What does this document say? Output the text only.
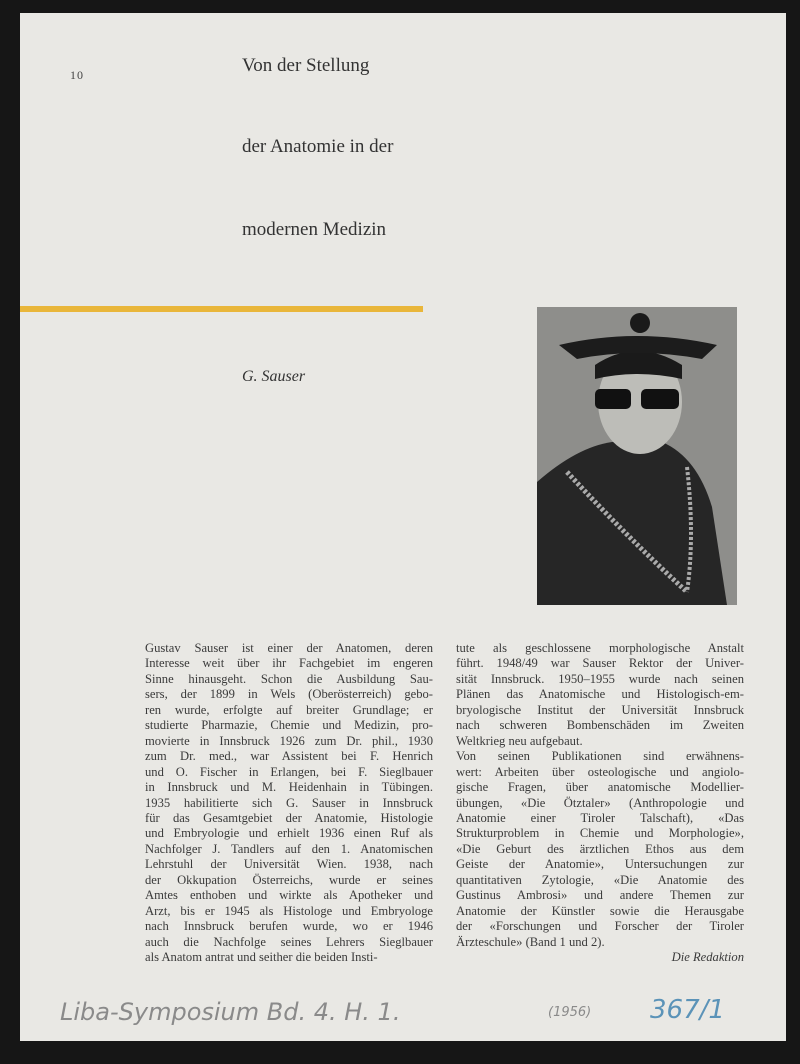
10	Von der Stellung
der Anatomie in der
modernen Medizin
G. Sauser
Gustav Sauser ist einer der Anatomen, deren
Interesse weit über ihr Fachgebiet im engeren
Sinne hinausgeht. Schon die Ausbildung Sau-
sers, der 1899 in Wels (Oberösterreich) gebo-
ren wurde, erfolgte auf breiter Grundlage; er
studierte Pharmazie, Chemie und Medizin, pro-
movierte in Innsbruck 1926 zum Dr. phil., 1930
zum Dr. med., war Assistent bei F. Henrich
und O. Fischer in Erlangen, bei F. Sieglbauer
in Innsbruck und M. Heidenhain in Tübingen.
1935 habilitierte sich G. Sauser in Innsbruck
für das Gesamtgebiet der Anatomie, Histologie
und Embryologie und erhielt 1936 einen Ruf als
Nachfolger J. Tandlers auf den 1. Anatomischen
Lehrstuhl der Universität Wien. 1938, nach
der Okkupation Österreichs, wurde er seines
Amtes enthoben und wirkte als Apotheker und
Arzt, bis er 1945 als Histologe und Embryologe
nach Innsbruck berufen wurde, wo er 1946
auch die Nachfolge seines Lehrers Sieglbauer
als Anatom antrat und seither die beiden Insti-
tute als geschlossene morphologische Anstalt
führt. 1948/49 war Sauser Rektor der Univer-
sität Innsbruck. 1950–1955 wurde nach seinen
Plänen das Anatomische und Histologisch-em-
bryologische Institut der Universität Innsbruck
nach schweren Bombenschäden im Zweiten
Weltkrieg neu aufgebaut.
Von seinen Publikationen sind erwähnens-
wert: Arbeiten über osteologische und angiolo-
gische Fragen, über anatomische Modellier-
übungen, «Die Ötztaler» (Anthropologie und
Anatomie einer Tiroler Talschaft), «Das
Strukturproblem in Chemie und Morphologie»,
«Die Geburt des ärztlichen Ethos aus dem
Geiste der Anatomie», Untersuchungen zur
quantitativen Zytologie, «Die Anatomie des
Gustinus Ambrosi» und andere Themen zur
Anatomie der Künstler sowie die Herausgabe
der «Forschungen und Forscher der Tiroler
Ärzteschule» (Band 1 und 2).
Die Redaktion
Liba-Symposium Bd. 4. H. 1.	(1956) 367/1
